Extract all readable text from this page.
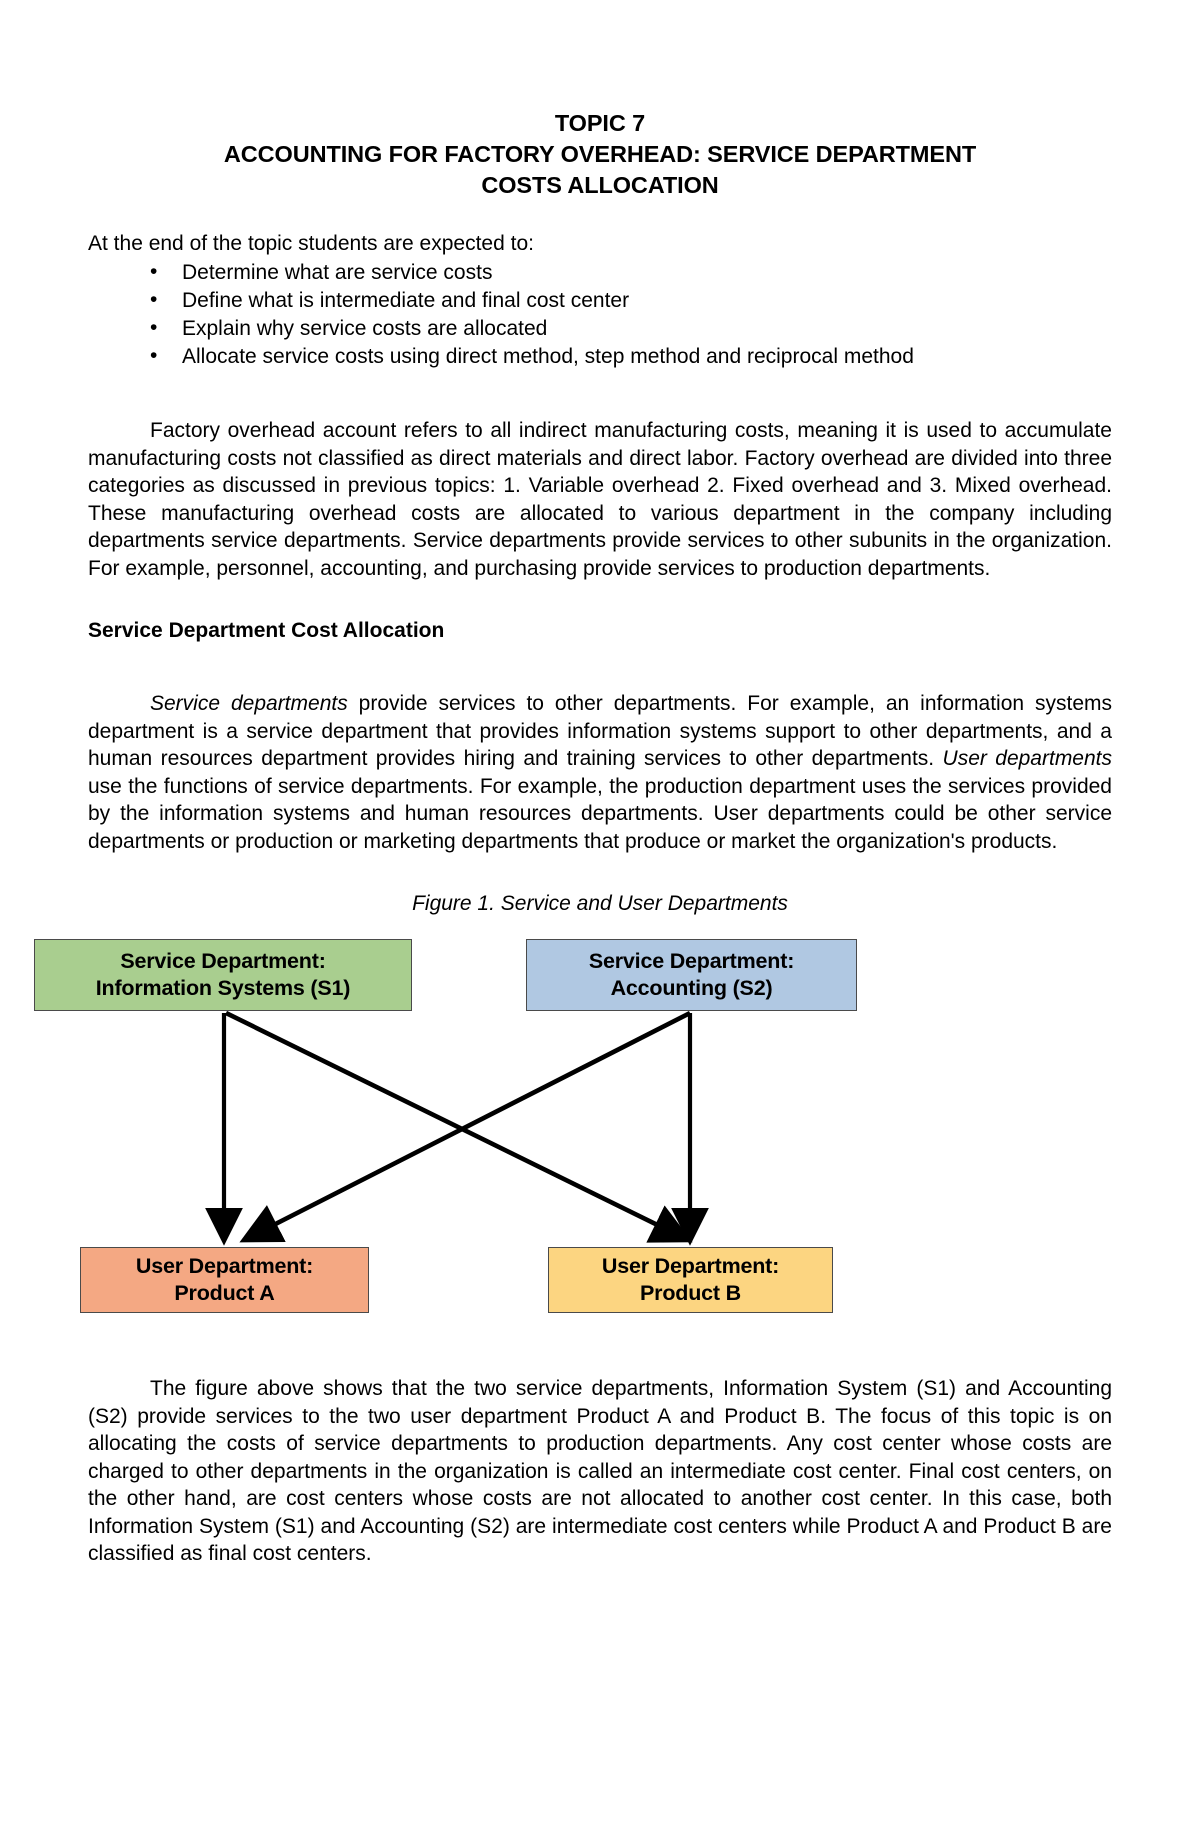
TOPIC 7
ACCOUNTING FOR FACTORY OVERHEAD: SERVICE DEPARTMENT
COSTS ALLOCATION

At the end of the topic students are expected to:

• Determine what are service costs
• Define what is intermediate and final cost center
• Explain why service costs are allocated
• Allocate service costs using direct method, step method and reciprocal method

Factory overhead account refers to all indirect manufacturing costs, meaning it is used to accumulate manufacturing costs not classified as direct materials and direct labor. Factory overhead are divided into three categories as discussed in previous topics: 1. Variable overhead 2. Fixed overhead and 3. Mixed overhead. These manufacturing overhead costs are allocated to various department in the company including departments service departments. Service departments provide services to other subunits in the organization. For example, personnel, accounting, and purchasing provide services to production departments.

Service Department Cost Allocation

Service departments provide services to other departments. For example, an information systems department is a service department that provides information systems support to other departments, and a human resources department provides hiring and training services to other departments. User departments use the functions of service departments. For example, the production department uses the services provided by the information systems and human resources departments. User departments could be other service departments or production or marketing departments that produce or market the organization's products.

Figure 1. Service and User Departments

Service Department:
Information Systems (S1)
Service Department:
Accounting (S2)
User Department:
Product A
User Department:
Product B

The figure above shows that the two service departments, Information System (S1) and Accounting (S2) provide services to the two user department Product A and Product B. The focus of this topic is on allocating the costs of service departments to production departments. Any cost center whose costs are charged to other departments in the organization is called an intermediate cost center. Final cost centers, on the other hand, are cost centers whose costs are not allocated to another cost center. In this case, both Information System (S1) and Accounting (S2) are intermediate cost centers while Product A and Product B are classified as final cost centers.
